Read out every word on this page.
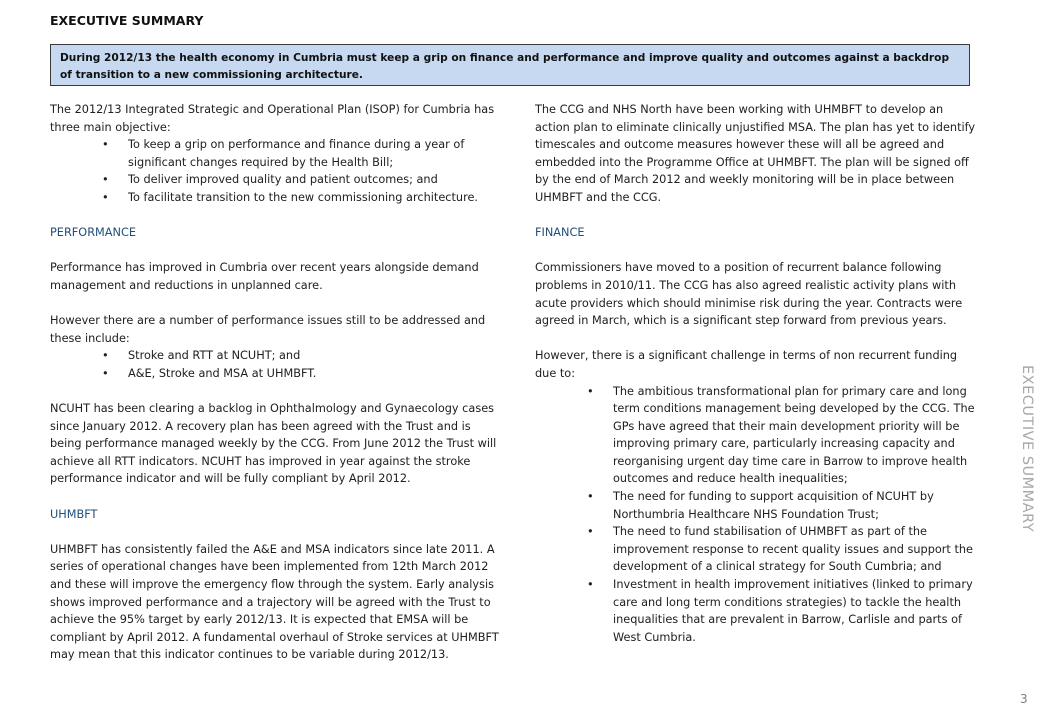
EXECUTIVE SUMMARY
During 2012/13 the health economy in Cumbria must keep a grip on finance and performance and improve quality and outcomes against a backdrop of transition to a new commissioning architecture.

The 2012/13 Integrated Strategic and Operational Plan (ISOP) for Cumbria has three main objective:

• To keep a grip on performance and finance during a year of significant changes required by the Health Bill;
• To deliver improved quality and patient outcomes; and
• To facilitate transition to the new commissioning architecture.

PERFORMANCE

Performance has improved in Cumbria over recent years alongside demand management and reductions in unplanned care.

However there are a number of performance issues still to be addressed and these include:

• Stroke and RTT at NCUHT; and
• A&E, Stroke and MSA at UHMBFT.

NCUHT has been clearing a backlog in Ophthalmology and Gynaecology cases since January 2012. A recovery plan has been agreed with the Trust and is being performance managed weekly by the CCG. From June 2012 the Trust will achieve all RTT indicators. NCUHT has improved in year against the stroke performance indicator and will be fully compliant by April 2012.

UHMBFT

UHMBFT has consistently failed the A&E and MSA indicators since late 2011. A series of operational changes have been implemented from 12th March 2012 and these will improve the emergency flow through the system. Early analysis shows improved performance and a trajectory will be agreed with the Trust to achieve the 95% target by early 2012/13. It is expected that EMSA will be compliant by April 2012. A fundamental overhaul of Stroke services at UHMBFT may mean that this indicator continues to be variable during 2012/13.

The CCG and NHS North have been working with UHMBFT to develop an action plan to eliminate clinically unjustified MSA. The plan has yet to identify timescales and outcome measures however these will all be agreed and embedded into the Programme Office at UHMBFT. The plan will be signed off by the end of March 2012 and weekly monitoring will be in place between UHMBFT and the CCG.

FINANCE

Commissioners have moved to a position of recurrent balance following problems in 2010/11. The CCG has also agreed realistic activity plans with acute providers which should minimise risk during the year. Contracts were agreed in March, which is a significant step forward from previous years.

However, there is a significant challenge in terms of non recurrent funding due to:

• The ambitious transformational plan for primary care and long term conditions management being developed by the CCG. The GPs have agreed that their main development priority will be improving primary care, particularly increasing capacity and reorganising urgent day time care in Barrow to improve health outcomes and reduce health inequalities;
• The need for funding to support acquisition of NCUHT by Northumbria Healthcare NHS Foundation Trust;
• The need to fund stabilisation of UHMBFT as part of the improvement response to recent quality issues and support the development of a clinical strategy for South Cumbria; and
• Investment in health improvement initiatives (linked to primary care and long term conditions strategies) to tackle the health inequalities that are prevalent in Barrow, Carlisle and parts of West Cumbria.
EXECUTIVE SUMMARY
3
